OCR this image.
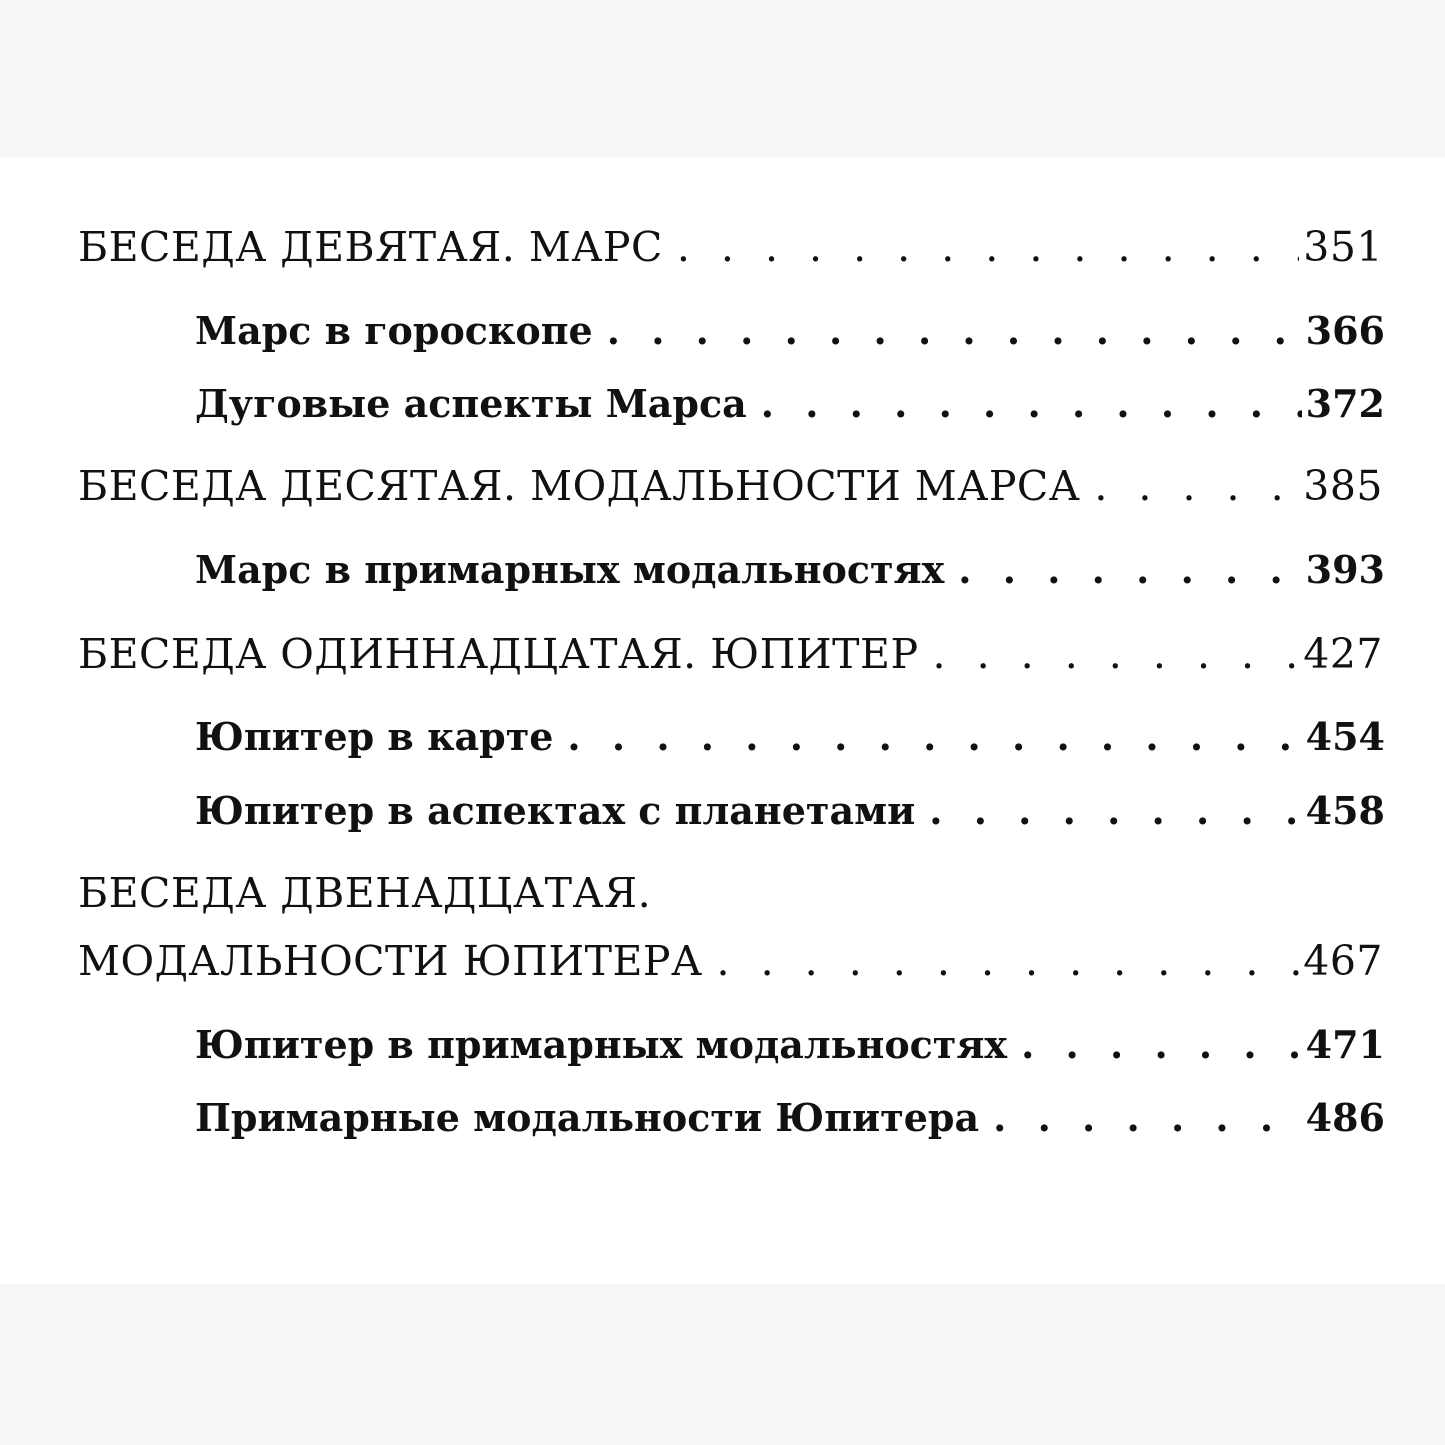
БЕСЕДА ДЕВЯТАЯ. МАРС . . .	351
Марс в гороскопе . . .	366
Дуговые аспекты Марса . . .	372
БЕСЕДА ДЕСЯТАЯ. МОДАЛЬНОСТИ МАРСА . . .	385
Марс в примарных модальностях . . .	393
БЕСЕДА ОДИННАДЦАТАЯ. ЮПИТЕР . . .	427
Юпитер в карте . . .	454
Юпитер в аспектах с планетами . . .	458
БЕСЕДА ДВЕНАДЦАТАЯ.
МОДАЛЬНОСТИ ЮПИТЕРА . . .	467
Юпитер в примарных модальностях . . .	471
Примарные модальности Юпитера . . .	486
